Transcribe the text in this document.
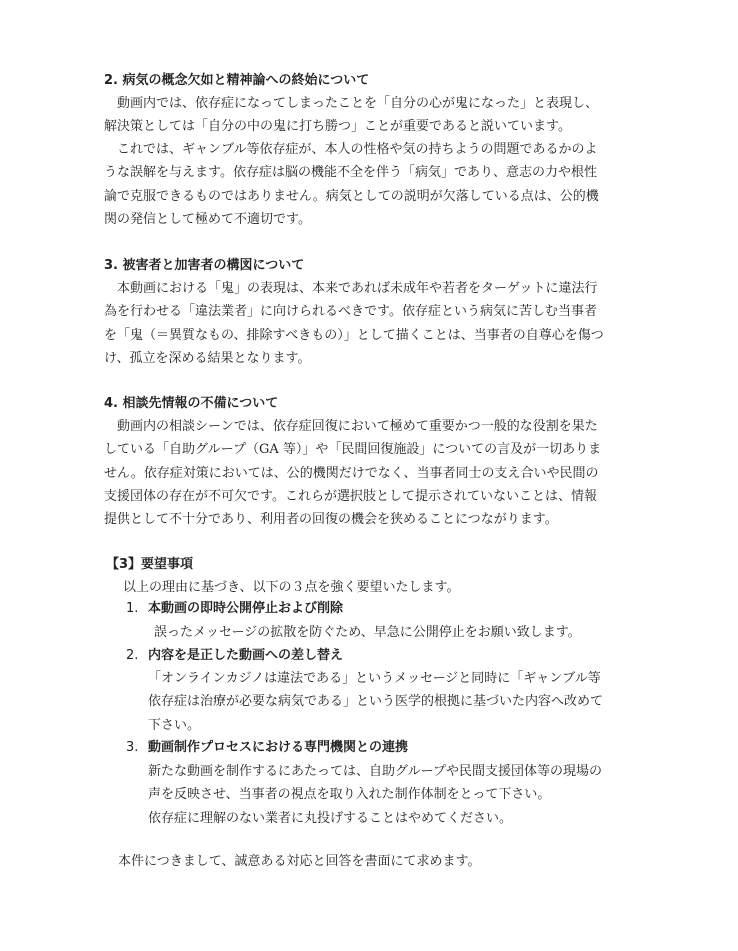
2. 病気の概念欠如と精神論への終始について
動画内では、依存症になってしまったことを「自分の心が鬼になった」と表現し、
解決策としては「自分の中の鬼に打ち勝つ」ことが重要であると説いています。
これでは、ギャンブル等依存症が、本人の性格や気の持ちようの問題であるかのよ
うな誤解を与えます。依存症は脳の機能不全を伴う「病気」であり、意志の力や根性
論で克服できるものではありません。病気としての説明が欠落している点は、公的機
関の発信として極めて不適切です。
3. 被害者と加害者の構図について
本動画における「鬼」の表現は、本来であれば未成年や若者をターゲットに違法行
為を行わせる「違法業者」に向けられるべきです。依存症という病気に苦しむ当事者
を「鬼（＝異質なもの、排除すべきもの）」として描くことは、当事者の自尊心を傷つ
け、孤立を深める結果となります。
4. 相談先情報の不備について
動画内の相談シーンでは、依存症回復において極めて重要かつ一般的な役割を果た
している「自助グループ（GA 等）」や「民間回復施設」についての言及が一切ありま
せん。依存症対策においては、公的機関だけでなく、当事者同士の支え合いや民間の
支援団体の存在が不可欠です。これらが選択肢として提示されていないことは、情報
提供として不十分であり、利用者の回復の機会を狭めることにつながります。
【3】要望事項
以上の理由に基づき、以下の３点を強く要望いたします。
1. 本動画の即時公開停止および削除
誤ったメッセージの拡散を防ぐため、早急に公開停止をお願い致します。
2. 内容を是正した動画への差し替え
「オンラインカジノは違法である」というメッセージと同時に「ギャンブル等
依存症は治療が必要な病気である」という医学的根拠に基づいた内容へ改めて
下さい。
3. 動画制作プロセスにおける専門機関との連携
新たな動画を制作するにあたっては、自助グループや民間支援団体等の現場の
声を反映させ、当事者の視点を取り入れた制作体制をとって下さい。
依存症に理解のない業者に丸投げすることはやめてください。
本件につきまして、誠意ある対応と回答を書面にて求めます。
